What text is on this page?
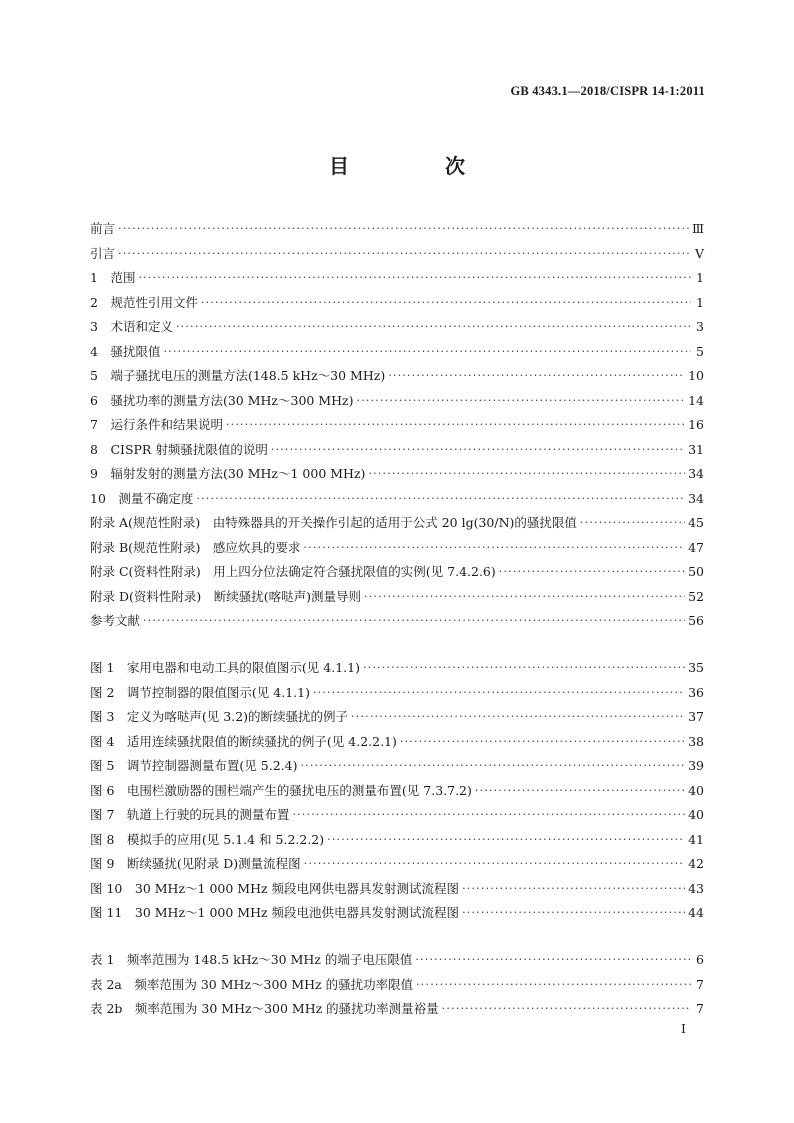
GB 4343.1—2018/CISPR 14-1:2011
目　次
前言 ·····	Ⅲ
引言 ·····	Ⅴ
1　范围 ·····	1
2　规范性引用文件 ·····	1
3　术语和定义 ·····	3
4　骚扰限值 ·····	5
5　端子骚扰电压的测量方法(148.5 kHz～30 MHz) ·····	10
6　骚扰功率的测量方法(30 MHz～300 MHz) ·····	14
7　运行条件和结果说明 ·····	16
8　CISPR 射频骚扰限值的说明 ·····	31
9　辐射发射的测量方法(30 MHz～1 000 MHz) ·····	34
10　测量不确定度 ·····	34
附录 A(规范性附录)　由特殊器具的开关操作引起的适用于公式 20 lg(30/N)的骚扰限值 ·····	45
附录 B(规范性附录)　感应炊具的要求 ·····	47
附录 C(资料性附录)　用上四分位法确定符合骚扰限值的实例(见 7.4.2.6) ·····	50
附录 D(资料性附录)　断续骚扰(喀哒声)测量导则 ·····	52
参考文献 ·····	56
图 1　家用电器和电动工具的限值图示(见 4.1.1) ·····	35
图 2　调节控制器的限值图示(见 4.1.1) ·····	36
图 3　定义为喀哒声(见 3.2)的断续骚扰的例子 ·····	37
图 4　适用连续骚扰限值的断续骚扰的例子(见 4.2.2.1) ·····	38
图 5　调节控制器测量布置(见 5.2.4) ·····	39
图 6　电围栏激励器的围栏端产生的骚扰电压的测量布置(见 7.3.7.2) ·····	40
图 7　轨道上行驶的玩具的测量布置 ·····	40
图 8　模拟手的应用(见 5.1.4 和 5.2.2.2) ·····	41
图 9　断续骚扰(见附录 D)测量流程图 ·····	42
图 10　30 MHz～1 000 MHz 频段电网供电器具发射测试流程图 ·····	43
图 11　30 MHz～1 000 MHz 频段电池供电器具发射测试流程图 ·····	44
表 1　频率范围为 148.5 kHz～30 MHz 的端子电压限值 ·····	6
表 2a　频率范围为 30 MHz～300 MHz 的骚扰功率限值 ·····	7
表 2b　频率范围为 30 MHz～300 MHz 的骚扰功率测量裕量 ·····	7
I
